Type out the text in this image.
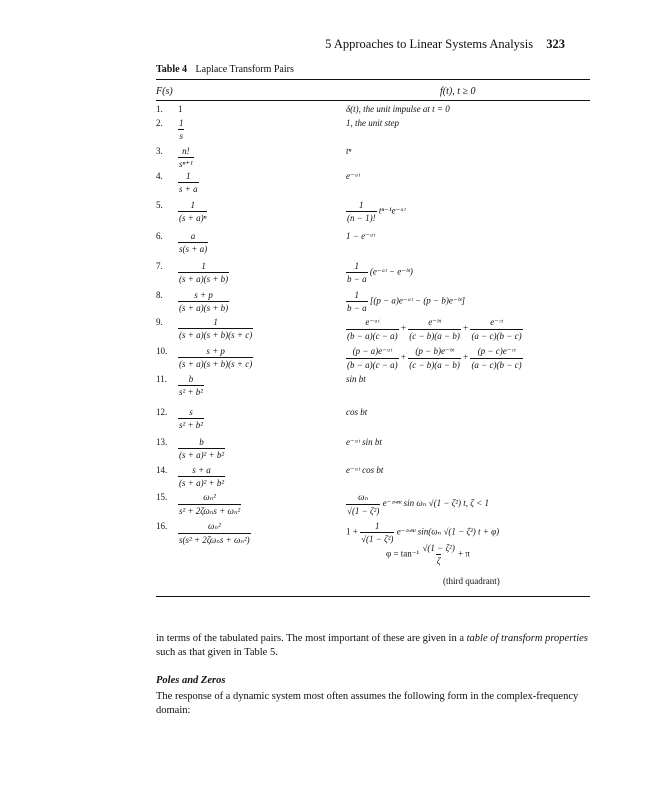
5 Approaches to Linear Systems Analysis 323
Table 4 Laplace Transform Pairs
F(s)	f(t), t ≥ 0
1. 1	δ(t), the unit impulse at t = 0
2. $\frac{1}{s}$	1, the unit step
3. $\frac{n!}{\text{sⁿ⁺¹}}$	tⁿ
4. $\frac{1}{s + a}$	e⁻ᵃᵗ
5. $\frac{1}{\text{(s + a)ⁿ}}$	$\frac{1}{(n - 1)!}$ tⁿ⁻¹e⁻ᵃᵗ
6. $\frac{a}{s(s + a)}$	1 − e⁻ᵃᵗ
7. $\frac{1}{(s + a)(s + b)}$	$\frac{1}{b - a}$ (e⁻ᵃᵗ − e⁻ᵇᵗ)
8. $\frac{s + p}{(s + a)(s + b)}$	$\frac{1}{b - a} [(p$ − a)e⁻ᵃᵗ − (p − b)e⁻ᵇᵗ]
9. $\frac{1}{(s + a)(s + b)(s + c)}$	$\frac{\text{e⁻ᵃᵗ}}{(b - a)(c - a)} + \frac{\text{e⁻ᵇᵗ}}{(c - b)(a - b)} + \frac{\text{e⁻ᶜᵗ}}{(a - c)(b - c)}$
10. $\frac{s + p}{(s + a)(s + b)(s + c)}$	$\frac{\text{(p − a)e⁻ᵃᵗ}}{(b - a)(c - a)} + \frac{\text{(p − b)e⁻ᵇᵗ}}{(c - b)(a - b)} + \frac{\text{(p − c)e⁻ᶜᵗ}}{(a - c)(b - c)}$
11. $\frac{b}{\text{s² + b²}}$	sin bt
12. $\frac{s}{\text{s² + b²}}$	cos bt
13. $\frac{b}{\text{(s + a)² + b²}}$	e⁻ᵃᵗ sin bt
14. $\frac{s + a}{\text{(s + a)² + b²}}$	e⁻ᵃᵗ cos bt
15. $\frac{\text{ωₙ²}}{\text{s² + 2ζωₙs + ωₙ²}}$	$\frac{\text{ωₙ}}{\text{√(1 − ζ²)}}$ e⁻ᶻʷⁿᵗ sin ωₙ √(1 − ζ²) t, ζ < 1
16. $\frac{\text{ωₙ²}}{\text{s(s² + 2ζωₙs + ωₙ²)}}$	$1 + \frac{1}{\text{√(1 − ζ²)}}$ e⁻ᶻʷⁿᵗ sin(ωₙ √(1 − ζ²) t + φ)
$\varphi = \tan^{-1} \frac{\text{√(1 − ζ²)}}{\zeta} + \pi$
(third quadrant)
in terms of the tabulated pairs. The most important of these are given in a table of transform properties such as that given in Table 5.
Poles and Zeros
The response of a dynamic system most often assumes the following form in the complex-frequency domain:
